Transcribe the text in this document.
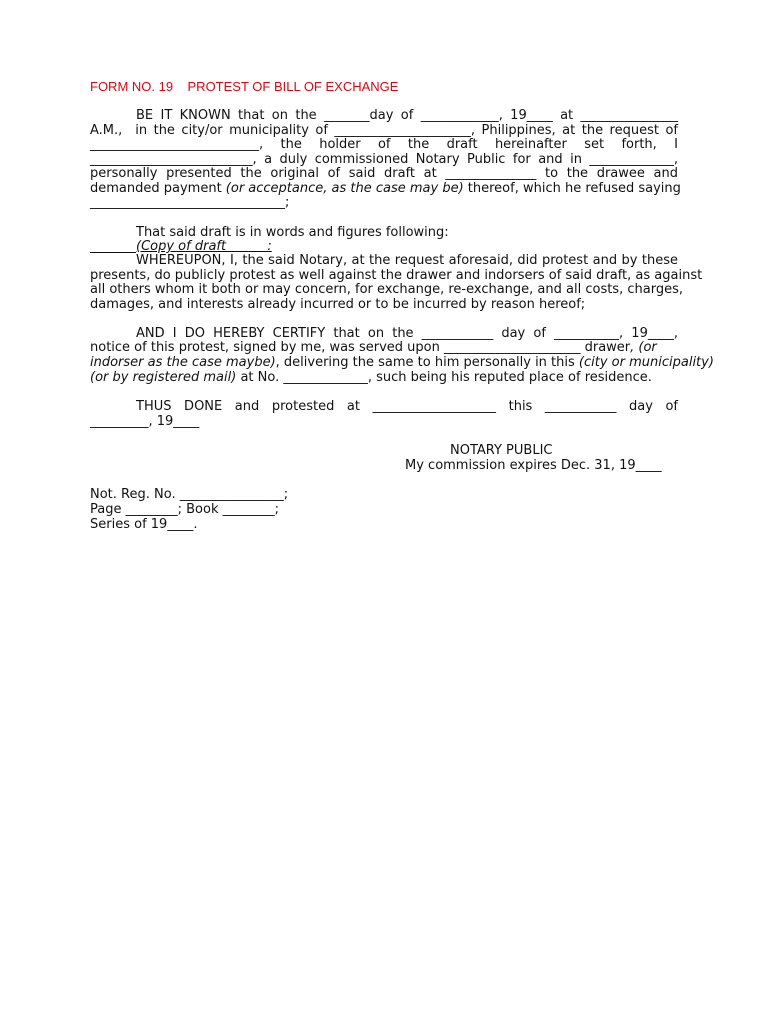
FORM NO. 19    PROTEST OF BILL OF EXCHANGE
BE IT KNOWN that on the _______day of ____________, 19____ at _______________
A.M.,  in the city/or municipality of _____________________, Philippines, at the request of
__________________________, the holder of the draft hereinafter set forth, I
_________________________, a duly commissioned Notary Public for and in _____________,
personally presented the original of said draft at ______________ to the drawee and
demanded payment (or acceptance, as the case may be) thereof, which he refused saying
______________________________;
That said draft is in words and figures following:
(Copy of draft          :
WHEREUPON, I, the said Notary, at the request aforesaid, did protest and by these
presents, do publicly protest as well against the drawer and indorsers of said draft, as against
all others whom it both or may concern, for exchange, re-exchange, and all costs, charges,
damages, and interests already incurred or to be incurred by reason hereof;
AND I DO HEREBY CERTIFY that on the ___________ day of __________, 19____,
notice of this protest, signed by me, was served upon _____________________ drawer, (or
indorser as the case maybe), delivering the same to him personally in this (city or municipality)
(or by registered mail) at No. _____________, such being his reputed place of residence.
THUS DONE and protested at ___________________ this ___________ day of
_________, 19____
NOTARY PUBLIC
My commission expires Dec. 31, 19____
Not. Reg. No. ________________;
Page ________; Book ________;
Series of 19____.
